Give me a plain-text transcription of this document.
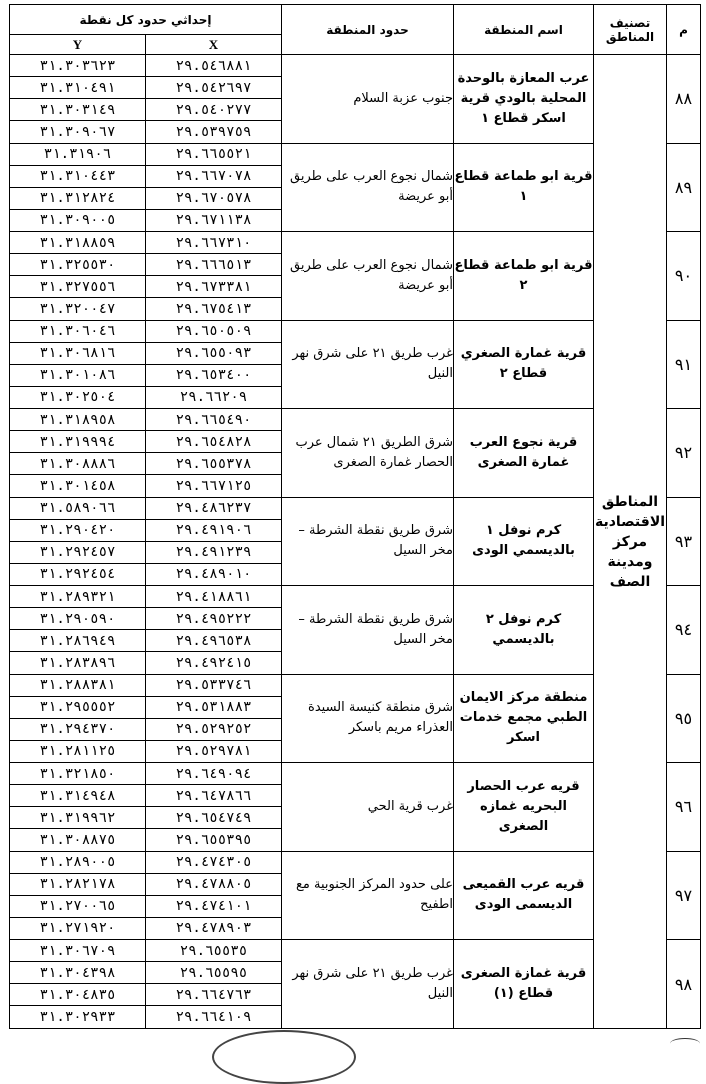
م	تصنيف المناطق	اسم المنطقة	حدود المنطقة	إحداثي حدود كل نقطة	
				X	Y
٨٨	المناطق الاقتصادية مركز ومدينة الصف	عرب المعازة بالوحدة المحلية بالودي قرية اسكر قطاع ١	جنوب عزبة السلام	٢٩.٥٤٦٨٨١	٣١.٣٠٣٦٢٣
				٢٩.٥٤٢٦٩٧	٣١.٣١٠٤٩١
				٢٩.٥٤٠٢٧٧	٣١.٣٠٣١٤٩
				٢٩.٥٣٩٧٥٩	٣١.٣٠٩٠٦٧
٨٩		قرية ابو طماعة قطاع ١	شمال نجوع العرب على طريق أبو عريضة	٢٩.٦٦٥٥٢١	٣١.٣١٩٠٦
				٢٩.٦٦٧٠٧٨	٣١.٣١٠٤٤٣
				٢٩.٦٧٠٥٧٨	٣١.٣١٢٨٢٤
				٢٩.٦٧١١٣٨	٣١.٣٠٩٠٠٥
٩٠		قرية ابو طماعة قطاع ٢	شمال نجوع العرب على طريق أبو عريضة	٢٩.٦٦٧٣١٠	٣١.٣١٨٨٥٩
				٢٩.٦٦٦٥١٣	٣١.٣٢٥٥٣٠
				٢٩.٦٧٣٣٨١	٣١.٣٢٧٥٥٦
				٢٩.٦٧٥٤١٣	٣١.٣٢٠٠٤٧
٩١		قرية غمارة الصغري قطاع ٢	غرب طريق ٢١ على شرق نهر النيل	٢٩.٦٥٠٥٠٩	٣١.٣٠٦٠٤٦
				٢٩.٦٥٥٠٩٣	٣١.٣٠٦٨١٦
				٢٩.٦٥٣٤٠٠	٣١.٣٠١٠٨٦
				٢٩.٦٦٢٠٩	٣١.٣٠٢٥٠٤
٩٢		قرية نجوع العرب غمارة الصغرى	شرق الطريق ٢١ شمال عرب الحصار غمارة الصغرى	٢٩.٦٦٥٤٩٠	٣١.٣١٨٩٥٨
				٢٩.٦٥٤٨٢٨	٣١.٣١٩٩٩٤
				٢٩.٦٥٥٣٧٨	٣١.٣٠٨٨٨٦
				٢٩.٦٦٧١٢٥	٣١.٣٠١٤٥٨
٩٣		كرم نوفل ١ بالديسمي الودى	شرق طريق نقطة الشرطة – مخر السيل	٢٩.٤٨٦٢٣٧	٣١.٥٨٩٠٦٦
				٢٩.٤٩١٩٠٦	٣١.٢٩٠٤٢٠
				٢٩.٤٩١٢٣٩	٣١.٢٩٢٤٥٧
				٢٩.٤٨٩٠١٠	٣١.٢٩٢٤٥٤
٩٤		كرم نوفل ٢ بالديسمي	شرق طريق نقطة الشرطة – مخر السيل	٢٩.٤١٨٨٦١	٣١.٢٨٩٣٢١
				٢٩.٤٩٥٢٢٢	٣١.٢٩٠٥٩٠
				٢٩.٤٩٦٥٣٨	٣١.٢٨٦٩٤٩
				٢٩.٤٩٢٤١٥	٣١.٢٨٣٨٩٦
٩٥		منطقة مركز الايمان الطبي مجمع خدمات اسكر	شرق منطقة كنيسة السيدة العذراء مريم باسكر	٢٩.٥٣٣٧٤٦	٣١.٢٨٨٣٨١
				٢٩.٥٣١٨٨٣	٣١.٢٩٥٥٥٢
				٢٩.٥٢٩٢٥٢	٣١.٢٩٤٣٧٠
				٢٩.٥٢٩٧٨١	٣١.٢٨١١٢٥
٩٦		قريه عرب الحصار البحريه غمازه الصغرى	غرب قرية الحي	٢٩.٦٤٩٠٩٤	٣١.٣٢١٨٥٠
				٢٩.٦٤٧٨٦٦	٣١.٣١٤٩٤٨
				٢٩.٦٥٤٧٤٩	٣١.٣١٩٩٦٢
				٢٩.٦٥٥٣٩٥	٣١.٣٠٨٨٧٥
٩٧		قريه عرب القميعى الديسمى الودى	على حدود المركز الجنوبية مع اطفيح	٢٩.٤٧٤٣٠٥	٣١.٢٨٩٠٠٥
				٢٩.٤٧٨٨٠٥	٣١.٢٨٢١٧٨
				٢٩.٤٧٤١٠١	٣١.٢٧٠٠٦٥
				٢٩.٤٧٨٩٠٣	٣١.٢٧١٩٢٠
٩٨		قرية غمازة الصغرى قطاع (١)	غرب طريق ٢١ على شرق نهر النيل	٢٩.٦٥٥٣٥	٣١.٣٠٦٧٠٩
				٢٩.٦٥٥٩٥	٣١.٣٠٤٣٩٨
				٢٩.٦٦٤٧٦٣	٣١.٣٠٤٨٣٥
				٢٩.٦٦٤١٠٩	٣١.٣٠٢٩٣٣
